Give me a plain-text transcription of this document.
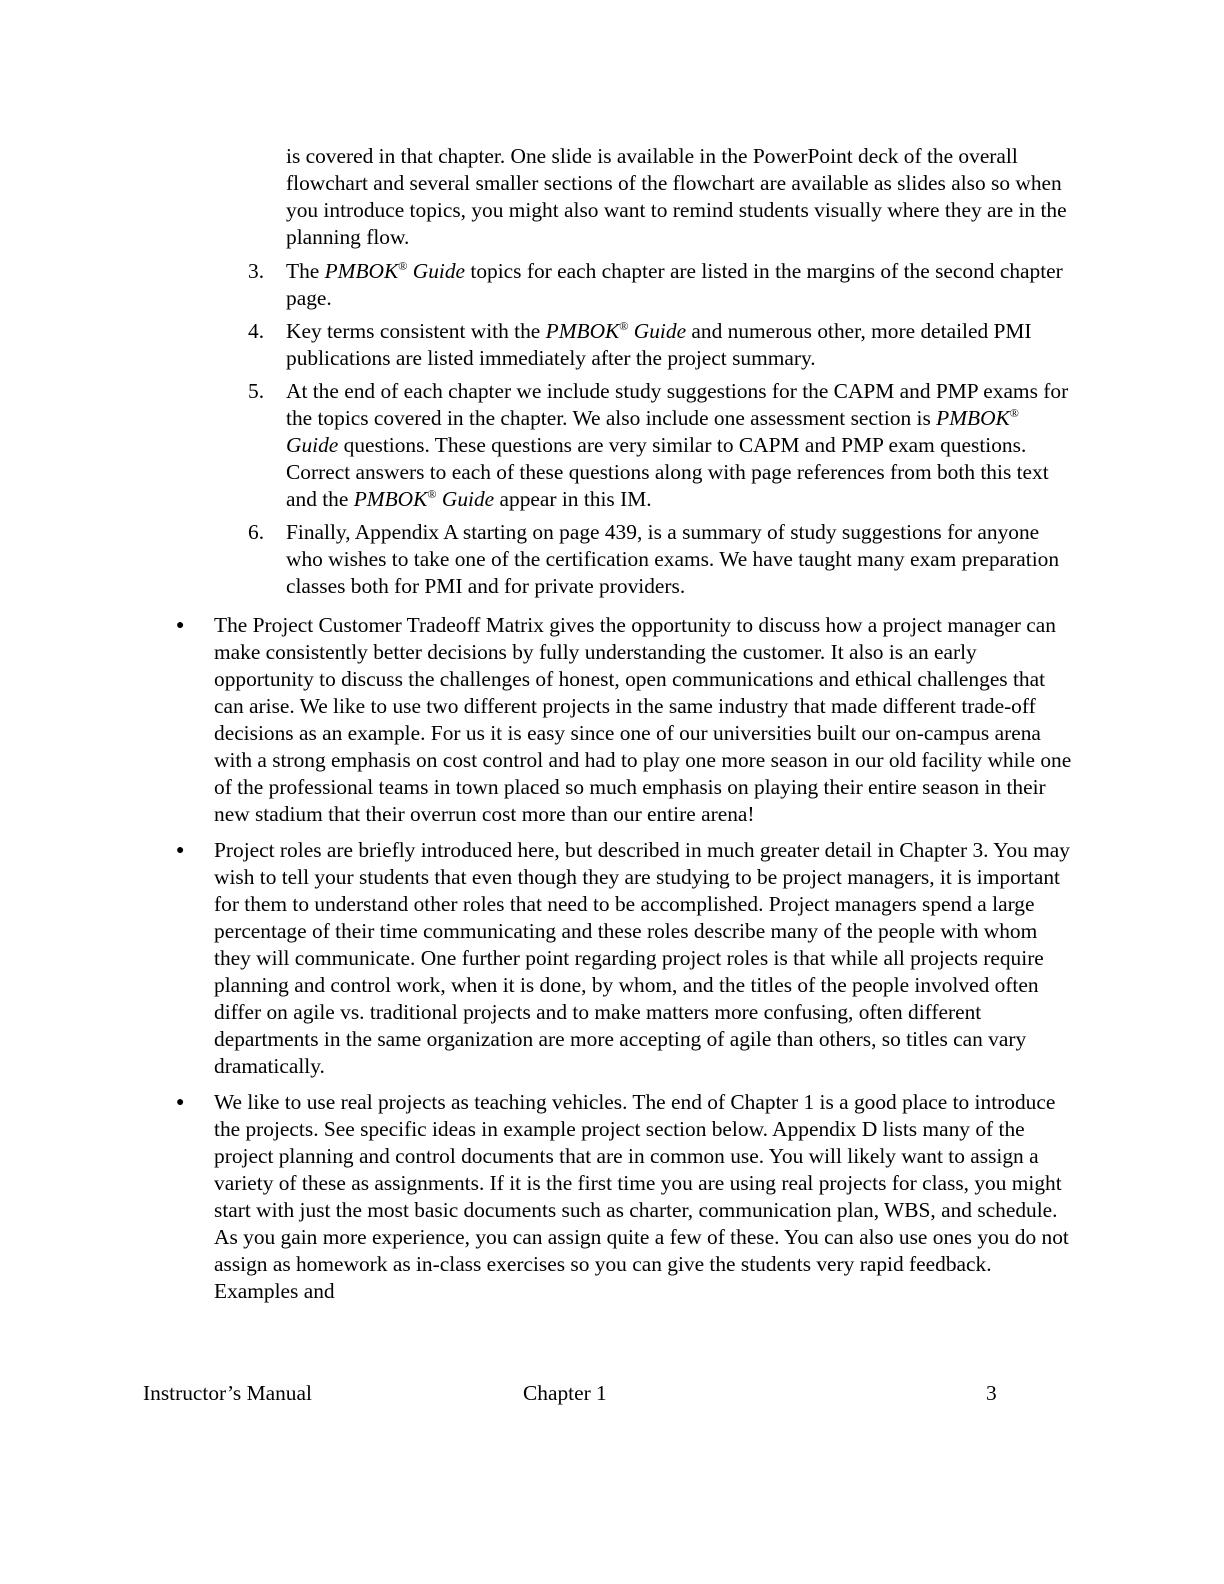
is covered in that chapter. One slide is available in the PowerPoint deck of the overall flowchart and several smaller sections of the flowchart are available as slides also so when you introduce topics, you might also want to remind students visually where they are in the planning flow.

3. The PMBOK® Guide topics for each chapter are listed in the margins of the second chapter page.
4. Key terms consistent with the PMBOK® Guide and numerous other, more detailed PMI publications are listed immediately after the project summary.
5. At the end of each chapter we include study suggestions for the CAPM and PMP exams for the topics covered in the chapter. We also include one assessment section is PMBOK® Guide questions. These questions are very similar to CAPM and PMP exam questions. Correct answers to each of these questions along with page references from both this text and the PMBOK® Guide appear in this IM.
6. Finally, Appendix A starting on page 439, is a summary of study suggestions for anyone who wishes to take one of the certification exams. We have taught many exam preparation classes both for PMI and for private providers.
● The Project Customer Tradeoff Matrix gives the opportunity to discuss how a project manager can make consistently better decisions by fully understanding the customer. It also is an early opportunity to discuss the challenges of honest, open communications and ethical challenges that can arise. We like to use two different projects in the same industry that made different trade-off decisions as an example. For us it is easy since one of our universities built our on-campus arena with a strong emphasis on cost control and had to play one more season in our old facility while one of the professional teams in town placed so much emphasis on playing their entire season in their new stadium that their overrun cost more than our entire arena!
● Project roles are briefly introduced here, but described in much greater detail in Chapter 3. You may wish to tell your students that even though they are studying to be project managers, it is important for them to understand other roles that need to be accomplished. Project managers spend a large percentage of their time communicating and these roles describe many of the people with whom they will communicate. One further point regarding project roles is that while all projects require planning and control work, when it is done, by whom, and the titles of the people involved often differ on agile vs. traditional projects and to make matters more confusing, often different departments in the same organization are more accepting of agile than others, so titles can vary dramatically.
● We like to use real projects as teaching vehicles. The end of Chapter 1 is a good place to introduce the projects. See specific ideas in example project section below. Appendix D lists many of the project planning and control documents that are in common use. You will likely want to assign a variety of these as assignments. If it is the first time you are using real projects for class, you might start with just the most basic documents such as charter, communication plan, WBS, and schedule. As you gain more experience, you can assign quite a few of these. You can also use ones you do not assign as homework as in-class exercises so you can give the students very rapid feedback. Examples and
Instructor’s Manual	Chapter 1	3
